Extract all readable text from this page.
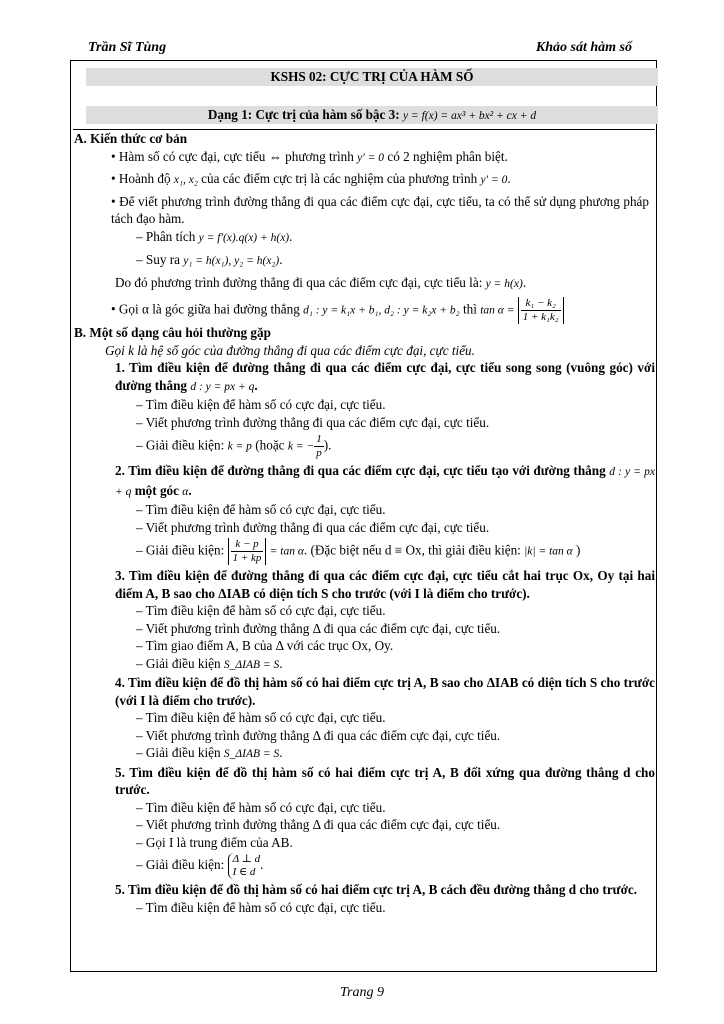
Trần Sĩ Tùng	Khảo sát hàm số
KSHS 02: CỰC TRỊ CỦA HÀM SỐ
Dạng 1: Cực trị của hàm số bậc 3: y = f(x) = ax³ + bx² + cx + d

A. Kiến thức cơ bản

• Hàm số có cực đại, cực tiểu ⇔ phương trình y′ = 0 có 2 nghiệm phân biệt.

• Hoành độ x₁, x₂ của các điểm cực trị là các nghiệm của phương trình y′ = 0.

• Để viết phương trình đường thẳng đi qua các điểm cực đại, cực tiểu, ta có thể sử dụng phương pháp tách đạo hàm.

– Phân tích y = f′(x).q(x) + h(x).

– Suy ra y₁ = h(x₁), y₂ = h(x₂).

Do đó phương trình đường thẳng đi qua các điểm cực đại, cực tiểu là: y = h(x).

• Gọi α là góc giữa hai đường thẳng d₁ : y = k₁x + b₁, d₂ : y = k₂x + b₂ thì $\tan \alpha = \frac{\text{k₁ − k₂}}{\text{1 + k₁k₂}}$

B. Một số dạng câu hỏi thường gặp

Gọi k là hệ số góc của đường thẳng đi qua các điểm cực đại, cực tiểu.

1. Tìm điều kiện để đường thẳng đi qua các điểm cực đại, cực tiểu song song (vuông góc) với đường thẳng d : y = px + q.

– Tìm điều kiện để hàm số có cực đại, cực tiểu.

– Viết phương trình đường thẳng đi qua các điểm cực đại, cực tiểu.

– Giải điều kiện: k = p (hoặc k = − $\frac{1}{p}$ ).

2. Tìm điều kiện để đường thẳng đi qua các điểm cực đại, cực tiểu tạo với đường thẳng d : y = px + q một góc α.

– Tìm điều kiện để hàm số có cực đại, cực tiểu.

– Viết phương trình đường thẳng đi qua các điểm cực đại, cực tiểu.

– Giải điều kiện: $\frac{k - p}{1 + kp} = \tan \alpha$. (Đặc biệt nếu d ≡ Ox, thì giải điều kiện: |k| = tan α )

3. Tìm điều kiện để đường thẳng đi qua các điểm cực đại, cực tiểu cắt hai trục Ox, Oy tại hai điểm A, B sao cho ΔIAB có diện tích S cho trước (với I là điểm cho trước).

– Tìm điều kiện để hàm số có cực đại, cực tiểu.

– Viết phương trình đường thẳng Δ đi qua các điểm cực đại, cực tiểu.

– Tìm giao điểm A, B của Δ với các trục Ox, Oy.

– Giải điều kiện S_ΔIAB = S.

4. Tìm điều kiện để đồ thị hàm số có hai điểm cực trị A, B sao cho ΔIAB có diện tích S cho trước (với I là điểm cho trước).

– Tìm điều kiện để hàm số có cực đại, cực tiểu.

– Viết phương trình đường thẳng Δ đi qua các điểm cực đại, cực tiểu.

– Giải điều kiện S_ΔIAB = S.

5. Tìm điều kiện để đồ thị hàm số có hai điểm cực trị A, B đối xứng qua đường thẳng d cho trước.

– Tìm điều kiện để hàm số có cực đại, cực tiểu.

– Viết phương trình đường thẳng Δ đi qua các điểm cực đại, cực tiểu.

– Gọi I là trung điểm của AB.

– Giải điều kiện: Δ ⊥ d
I ∈ d .

5. Tìm điều kiện để đồ thị hàm số có hai điểm cực trị A, B cách đều đường thẳng d cho trước.

– Tìm điều kiện để hàm số có cực đại, cực tiểu.

Trang 9
